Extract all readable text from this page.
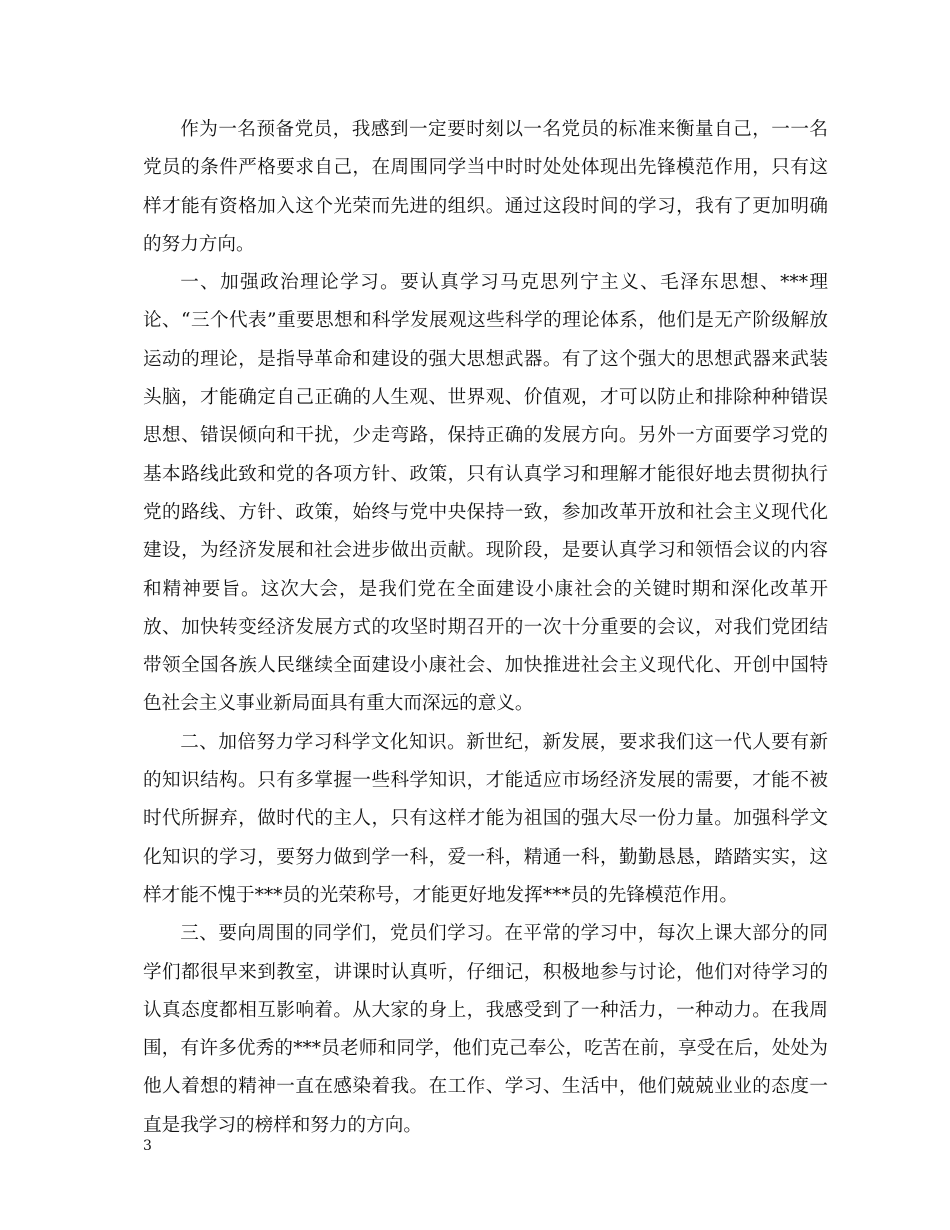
作为一名预备党员，我感到一定要时刻以一名党员的标准来衡量自己，一一名党员的条件严格要求自己，在周围同学当中时时处处体现出先锋模范作用，只有这样才能有资格加入这个光荣而先进的组织。通过这段时间的学习，我有了更加明确的努力方向。

一、加强政治理论学习。要认真学习马克思列宁主义、毛泽东思想、***理论、“三个代表”重要思想和科学发展观这些科学的理论体系，他们是无产阶级解放运动的理论，是指导革命和建设的强大思想武器。有了这个强大的思想武器来武装头脑，才能确定自己正确的人生观、世界观、价值观，才可以防止和排除种种错误思想、错误倾向和干扰，少走弯路，保持正确的发展方向。另外一方面要学习党的基本路线此致和党的各项方针、政策，只有认真学习和理解才能很好地去贯彻执行党的路线、方针、政策，始终与党中央保持一致，参加改革开放和社会主义现代化建设，为经济发展和社会进步做出贡献。现阶段，是要认真学习和领悟会议的内容和精神要旨。这次大会，是我们党在全面建设小康社会的关键时期和深化改革开放、加快转变经济发展方式的攻坚时期召开的一次十分重要的会议，对我们党团结带领全国各族人民继续全面建设小康社会、加快推进社会主义现代化、开创中国特色社会主义事业新局面具有重大而深远的意义。

二、加倍努力学习科学文化知识。新世纪，新发展，要求我们这一代人要有新的知识结构。只有多掌握一些科学知识，才能适应市场经济发展的需要，才能不被时代所摒弃，做时代的主人，只有这样才能为祖国的强大尽一份力量。加强科学文化知识的学习，要努力做到学一科，爱一科，精通一科，勤勤恳恳，踏踏实实，这样才能不愧于***员的光荣称号，才能更好地发挥***员的先锋模范作用。

三、要向周围的同学们，党员们学习。在平常的学习中，每次上课大部分的同学们都很早来到教室，讲课时认真听，仔细记，积极地参与讨论，他们对待学习的认真态度都相互影响着。从大家的身上，我感受到了一种活力，一种动力。在我周围，有许多优秀的***员老师和同学，他们克己奉公，吃苦在前，享受在后，处处为他人着想的精神一直在感染着我。在工作、学习、生活中，他们兢兢业业的态度一直是我学习的榜样和努力的方向。

3
